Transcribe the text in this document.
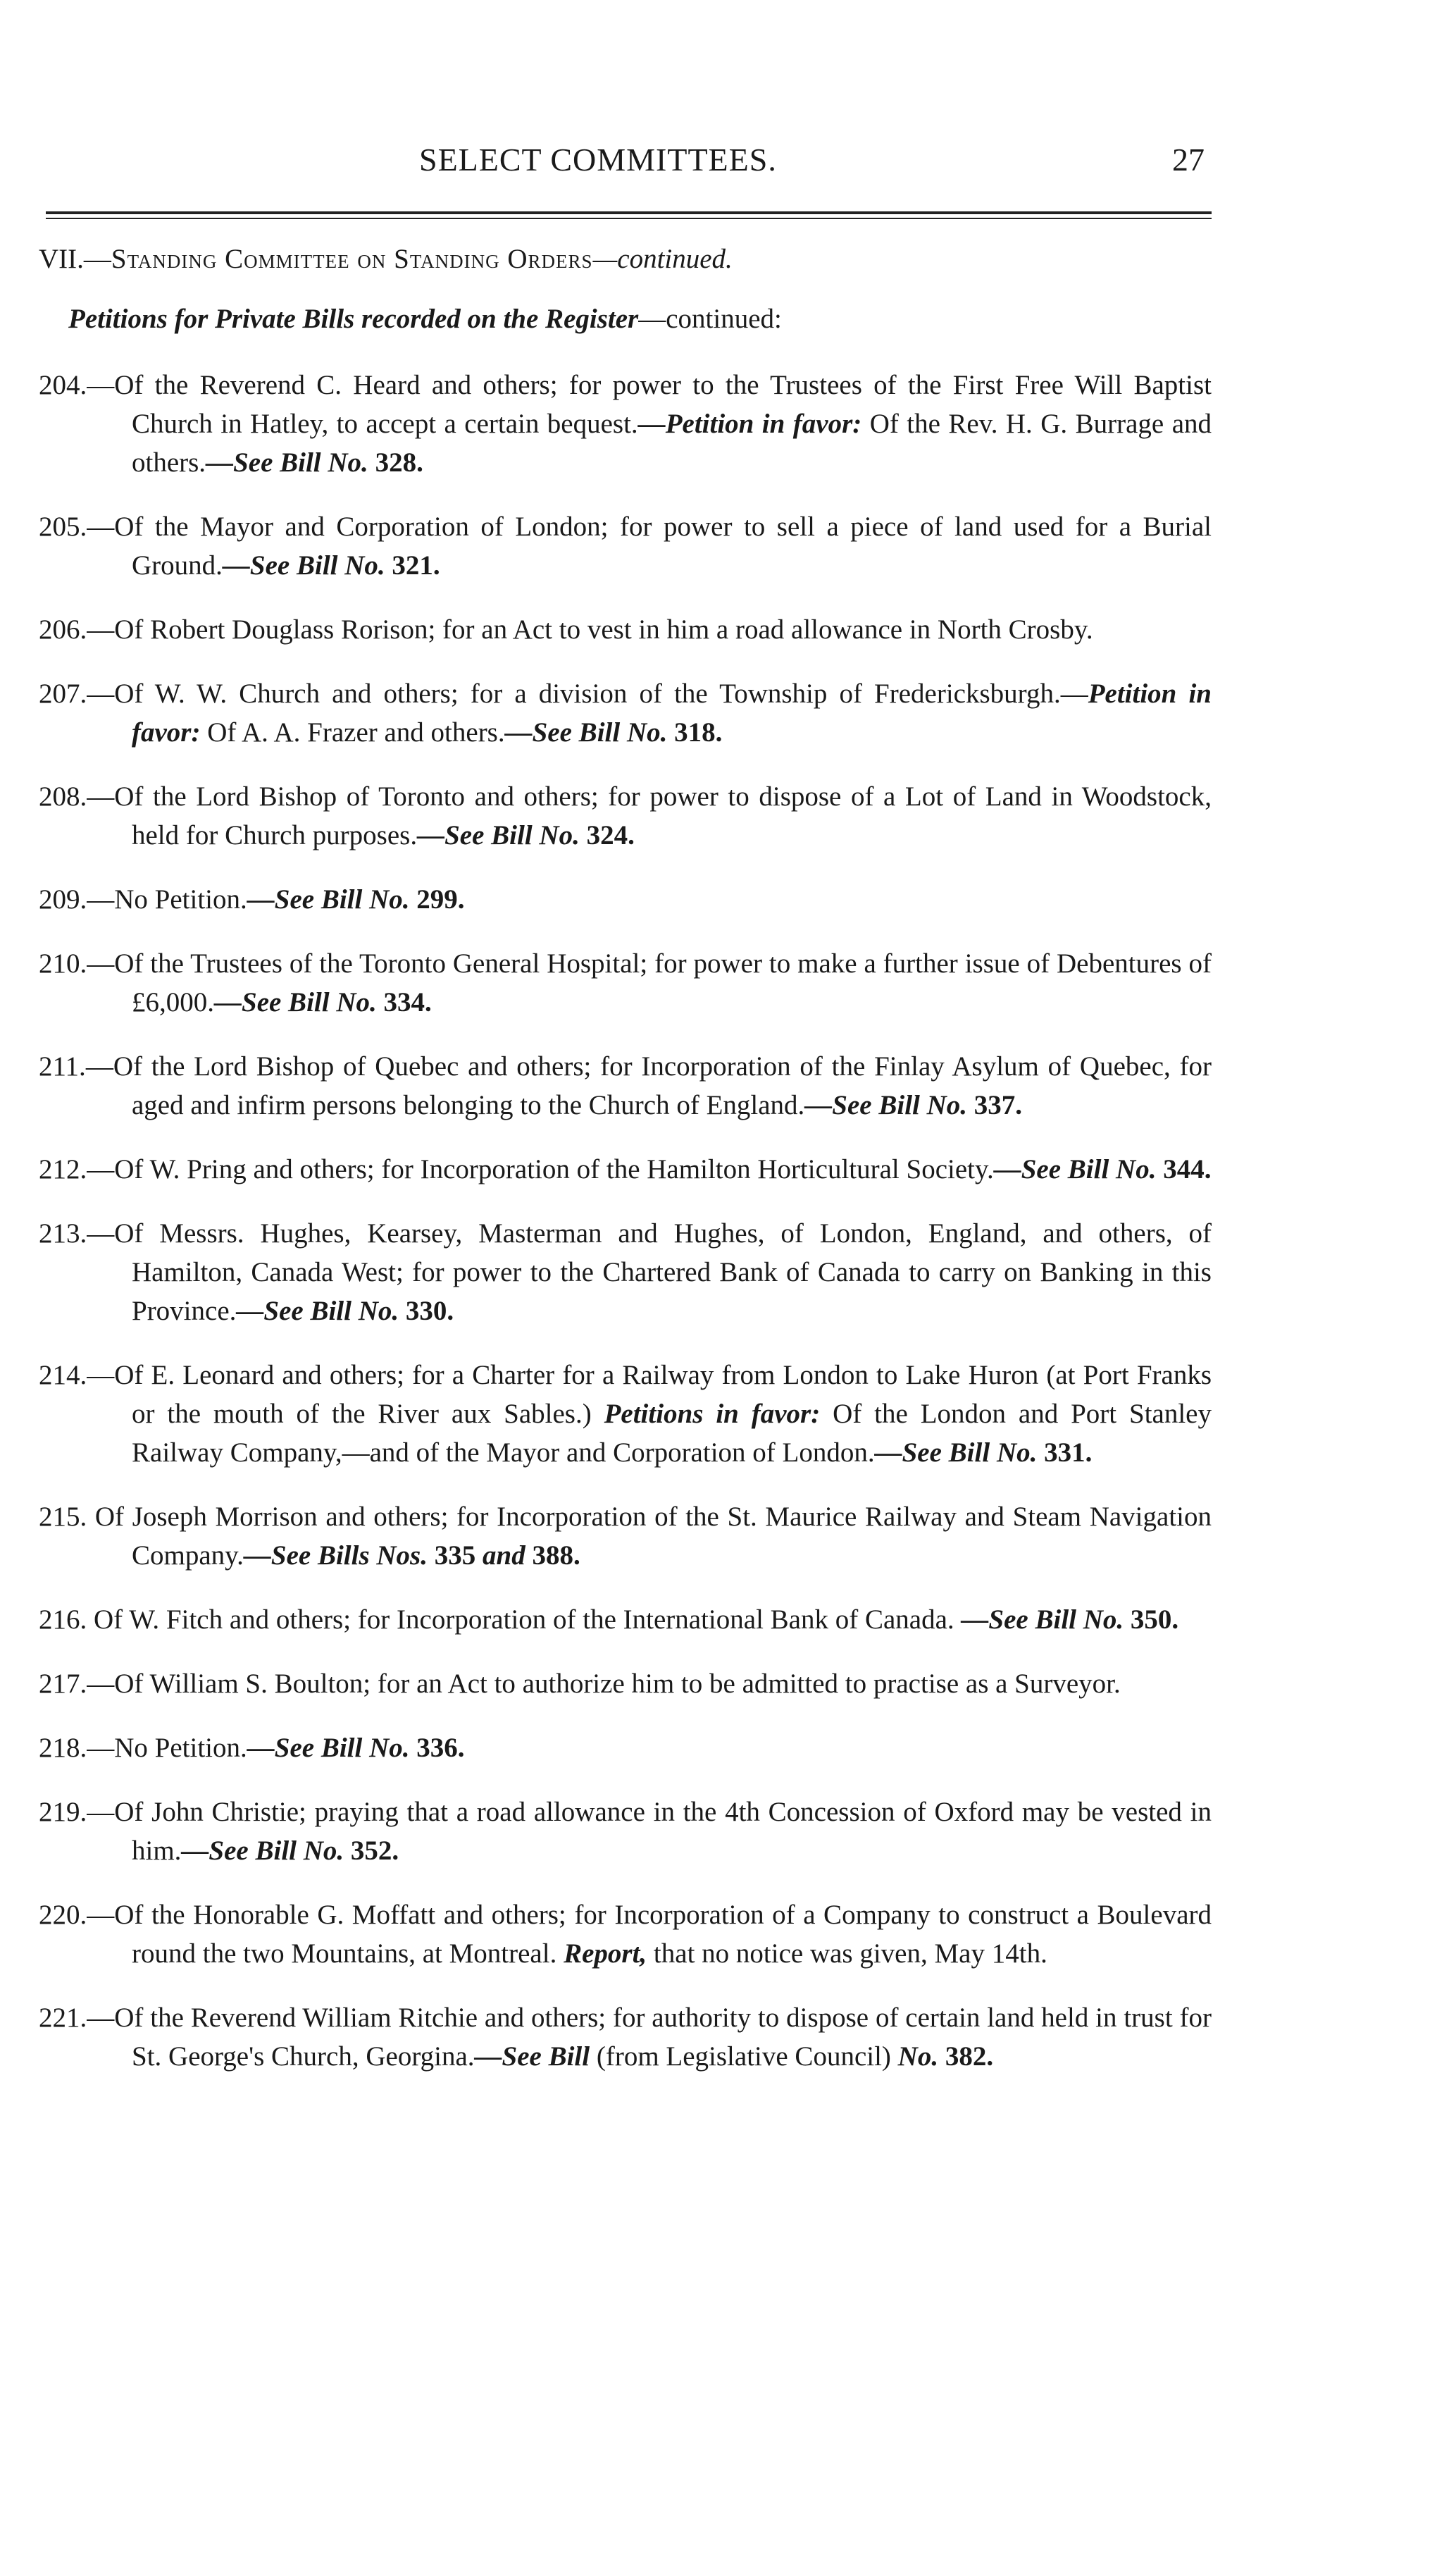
SELECT COMMITTEES.	27
VII.—Standing Committee on Standing Orders—continued.
Petitions for Private Bills recorded on the Register—continued:

204.—Of the Reverend C. Heard and others; for power to the Trustees of the First Free Will Baptist Church in Hatley, to accept a certain bequest.—Petition in favor: Of the Rev. H. G. Burrage and others.—See Bill No. 328.

205.—Of the Mayor and Corporation of London; for power to sell a piece of land used for a Burial Ground.—See Bill No. 321.

206.—Of Robert Douglass Rorison; for an Act to vest in him a road allowance in North Crosby.

207.—Of W. W. Church and others; for a division of the Township of Fredericksburgh.—Petition in favor: Of A. A. Frazer and others.—See Bill No. 318.

208.—Of the Lord Bishop of Toronto and others; for power to dispose of a Lot of Land in Woodstock, held for Church purposes.—See Bill No. 324.

209.—No Petition.—See Bill No. 299.

210.—Of the Trustees of the Toronto General Hospital; for power to make a further issue of Debentures of £6,000.—See Bill No. 334.

211.—Of the Lord Bishop of Quebec and others; for Incorporation of the Finlay Asylum of Quebec, for aged and infirm persons belonging to the Church of England.—See Bill No. 337.

212.—Of W. Pring and others; for Incorporation of the Hamilton Horticultural Society.—See Bill No. 344.

213.—Of Messrs. Hughes, Kearsey, Masterman and Hughes, of London, England, and others, of Hamilton, Canada West; for power to the Chartered Bank of Canada to carry on Banking in this Province.—See Bill No. 330.

214.—Of E. Leonard and others; for a Charter for a Railway from London to Lake Huron (at Port Franks or the mouth of the River aux Sables.) Petitions in favor: Of the London and Port Stanley Railway Company,—and of the Mayor and Corporation of London.—See Bill No. 331.

215. Of Joseph Morrison and others; for Incorporation of the St. Maurice Railway and Steam Navigation Company.—See Bills Nos. 335 and 388.

216. Of W. Fitch and others; for Incorporation of the International Bank of Canada. —See Bill No. 350.

217.—Of William S. Boulton; for an Act to authorize him to be admitted to practise as a Surveyor.

218.—No Petition.—See Bill No. 336.

219.—Of John Christie; praying that a road allowance in the 4th Concession of Oxford may be vested in him.—See Bill No. 352.

220.—Of the Honorable G. Moffatt and others; for Incorporation of a Company to construct a Boulevard round the two Mountains, at Montreal. Report, that no notice was given, May 14th.

221.—Of the Reverend William Ritchie and others; for authority to dispose of certain land held in trust for St. George's Church, Georgina.—See Bill (from Legislative Council) No. 382.
